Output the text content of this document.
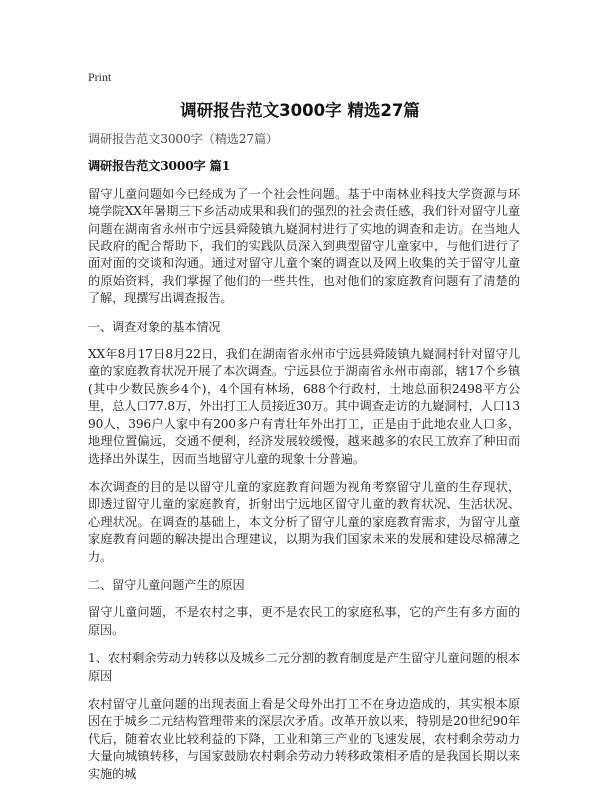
Print
调研报告范文3000字 精选27篇

调研报告范文3000字（精选27篇）

调研报告范文3000字 篇1

留守儿童问题如今已经成为了一个社会性问题。基于中南林业科技大学资源与环境学院XX年暑期三下乡活动成果和我们的强烈的社会责任感，我们针对留守儿童问题在湖南省永州市宁远县舜陵镇九嶷洞村进行了实地的调查和走访。在当地人民政府的配合帮助下，我们的实践队员深入到典型留守儿童家中，与他们进行了面对面的交谈和沟通。通过对留守儿童个案的调查以及网上收集的关于留守儿童的原始资料，我们掌握了他们的一些共性，也对他们的家庭教育问题有了清楚的了解，现撰写出调查报告。

一、调查对象的基本情况

XX年8月17日8月22日，我们在湖南省永州市宁远县舜陵镇九嶷洞村针对留守儿童的家庭教育状况开展了本次调查。宁远县位于湖南省永州市南部，辖17个乡镇(其中少数民族乡4个)，4个国有林场，688个行政村，土地总面积2498平方公里，总人口77.8万，外出打工人员接近30万。其中调查走访的九嶷洞村，人口1390人，396户人家中有200多户有青壮年外出打工，正是由于此地农业人口多，地理位置偏远，交通不便利，经济发展较缓慢，越来越多的农民工放弃了种田而选择出外谋生，因而当地留守儿童的现象十分普遍。

本次调查的目的是以留守儿童的家庭教育问题为视角考察留守儿童的生存现状，即透过留守儿童的家庭教育，折射出宁远地区留守儿童的教育状况、生活状况、心理状况。在调查的基础上，本文分析了留守儿童的家庭教育需求，为留守儿童家庭教育问题的解决提出合理建议，以期为我们国家未来的发展和建设尽棉薄之力。

二、留守儿童问题产生的原因

留守儿童问题，不是农村之事，更不是农民工的家庭私事，它的产生有多方面的原因。

1、农村剩余劳动力转移以及城乡二元分割的教育制度是产生留守儿童问题的根本原因

农村留守儿童问题的出现表面上看是父母外出打工不在身边造成的，其实根本原因在于城乡二元结构管理带来的深层次矛盾。改革开放以来，特别是20世纪90年代后，随着农业比较利益的下降，工业和第三产业的飞速发展，农村剩余劳动力大量向城镇转移，与国家鼓励农村剩余劳动力转移政策相矛盾的是我国长期以来实施的城
